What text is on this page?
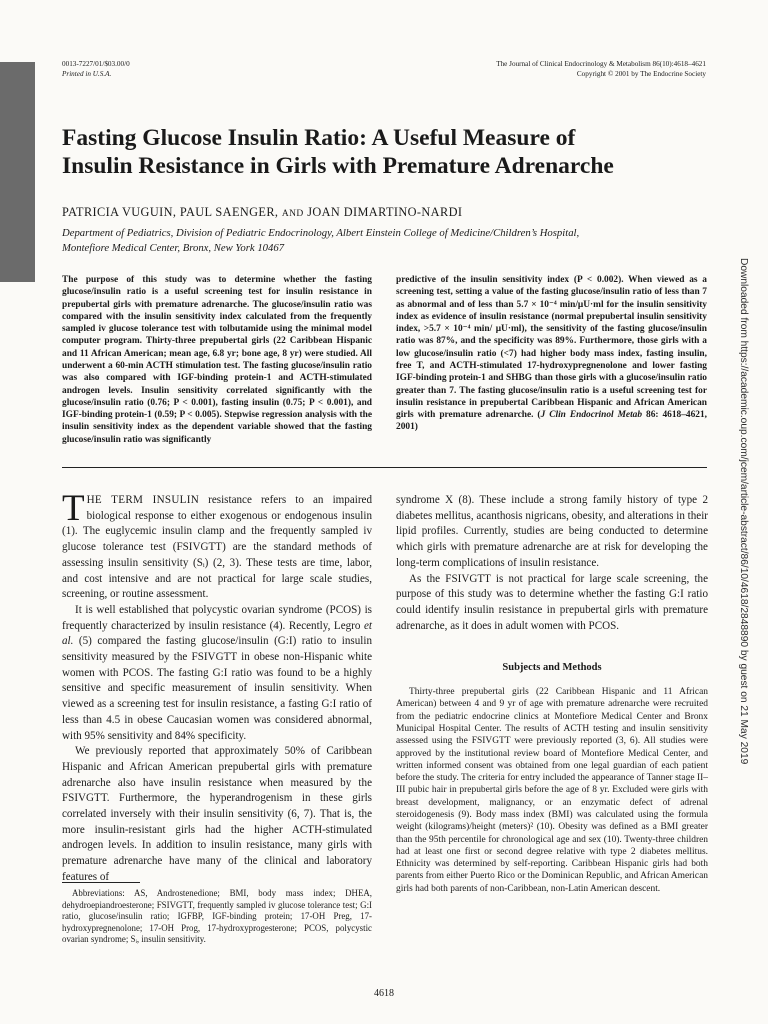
0013-7227/01/$03.00/0
Printed in U.S.A.
The Journal of Clinical Endocrinology & Metabolism 86(10):4618–4621
Copyright © 2001 by The Endocrine Society
Fasting Glucose Insulin Ratio: A Useful Measure of
Insulin Resistance in Girls with Premature Adrenarche
PATRICIA VUGUIN, PAUL SAENGER, AND JOAN DIMARTINO-NARDI
Department of Pediatrics, Division of Pediatric Endocrinology, Albert Einstein College of Medicine/Children’s Hospital,
Montefiore Medical Center, Bronx, New York 10467
The purpose of this study was to determine whether the fasting glucose/insulin ratio is a useful screening test for insulin resistance in prepubertal girls with premature adrenarche. The glucose/insulin ratio was compared with the insulin sensitivity index calculated from the frequently sampled iv glucose tolerance test with tolbutamide using the minimal model computer program. Thirty-three prepubertal girls (22 Caribbean Hispanic and 11 African American; mean age, 6.8 yr; bone age, 8 yr) were studied. All underwent a 60-min ACTH stimulation test. The fasting glucose/insulin ratio was also compared with IGF-binding protein-1 and ACTH-stimulated androgen levels. Insulin sensitivity correlated significantly with the glucose/insulin ratio (0.76; P < 0.001), fasting insulin (0.75; P < 0.001), and IGF-binding protein-1 (0.59; P < 0.005). Stepwise regression analysis with the insulin sensitivity index as the dependent variable showed that the fasting glucose/insulin ratio was significantly
predictive of the insulin sensitivity index (P < 0.002). When viewed as a screening test, setting a value of the fasting glucose/insulin ratio of less than 7 as abnormal and of less than 5.7 × 10⁻⁴ min/μU·ml for the insulin sensitivity index as evidence of insulin resistance (normal prepubertal insulin sensitivity index, >5.7 × 10⁻⁴ min/ μU·ml), the sensitivity of the fasting glucose/insulin ratio was 87%, and the specificity was 89%. Furthermore, those girls with a low glucose/insulin ratio (<7) had higher body mass index, fasting insulin, free T, and ACTH-stimulated 17-hydroxypregnenolone and lower fasting IGF-binding protein-1 and SHBG than those girls with a glucose/insulin ratio greater than 7. The fasting glucose/insulin ratio is a useful screening test for insulin resistance in prepubertal Caribbean Hispanic and African American girls with premature adrenarche. (J Clin Endocrinol Metab 86: 4618–4621, 2001)

THE TERM INSULIN resistance refers to an impaired biological response to either exogenous or endogenous insulin (1). The euglycemic insulin clamp and the frequently sampled iv glucose tolerance test (FSIVGTT) are the standard methods of assessing insulin sensitivity (Sᵢ) (2, 3). These tests are time, labor, and cost intensive and are not practical for large scale studies, screening, or routine assessment.

It is well established that polycystic ovarian syndrome (PCOS) is frequently characterized by insulin resistance (4). Recently, Legro et al. (5) compared the fasting glucose/insulin (G:I) ratio to insulin sensitivity measured by the FSIVGTT in obese non-Hispanic white women with PCOS. The fasting G:I ratio was found to be a highly sensitive and specific measurement of insulin sensitivity. When viewed as a screening test for insulin resistance, a fasting G:I ratio of less than 4.5 in obese Caucasian women was considered abnormal, with 95% sensitivity and 84% specificity.

We previously reported that approximately 50% of Caribbean Hispanic and African American prepubertal girls with premature adrenarche also have insulin resistance when measured by the FSIVGTT. Furthermore, the hyperandrogenism in these girls correlated inversely with their insulin sensitivity (6, 7). That is, the more insulin-resistant girls had the higher ACTH-stimulated androgen levels. In addition to insulin resistance, many girls with premature adrenarche have many of the clinical and laboratory features of

Abbreviations: AS, Androstenedione; BMI, body mass index; DHEA, dehydroepiandroesterone; FSIVGTT, frequently sampled iv glucose tolerance test; G:I ratio, glucose/insulin ratio; IGFBP, IGF-binding protein; 17-OH Preg, 17-hydroxypregnenolone; 17-OH Prog, 17-hydroxyprogesterone; PCOS, polycystic ovarian syndrome; Sᵢ, insulin sensitivity.

syndrome X (8). These include a strong family history of type 2 diabetes mellitus, acanthosis nigricans, obesity, and alterations in their lipid profiles. Currently, studies are being conducted to determine which girls with premature adrenarche are at risk for developing the long-term complications of insulin resistance.

As the FSIVGTT is not practical for large scale screening, the purpose of this study was to determine whether the fasting G:I ratio could identify insulin resistance in prepubertal girls with premature adrenarche, as it does in adult women with PCOS.

Subjects and Methods

Thirty-three prepubertal girls (22 Caribbean Hispanic and 11 African American) between 4 and 9 yr of age with premature adrenarche were recruited from the pediatric endocrine clinics at Montefiore Medical Center and Bronx Municipal Hospital Center. The results of ACTH testing and insulin sensitivity assessed using the FSIVGTT were previously reported (3, 6). All studies were approved by the institutional review board of Montefiore Medical Center, and written informed consent was obtained from one legal guardian of each patient before the study. The criteria for entry included the appearance of Tanner stage II–III pubic hair in prepubertal girls before the age of 8 yr. Excluded were girls with breast development, malignancy, or an enzymatic defect of adrenal steroidogenesis (9). Body mass index (BMI) was calculated using the formula weight (kilograms)/height (meters)² (10). Obesity was defined as a BMI greater than the 95th percentile for chronological age and sex (10). Twenty-three children had at least one first or second degree relative with type 2 diabetes mellitus. Ethnicity was determined by self-reporting. Caribbean Hispanic girls had both parents from either Puerto Rico or the Dominican Republic, and African American girls had both parents of non-Caribbean, non-Latin American descent.

4618
Downloaded from https://academic.oup.com/jcem/article-abstract/86/10/4618/2848890 by guest on 21 May 2019
